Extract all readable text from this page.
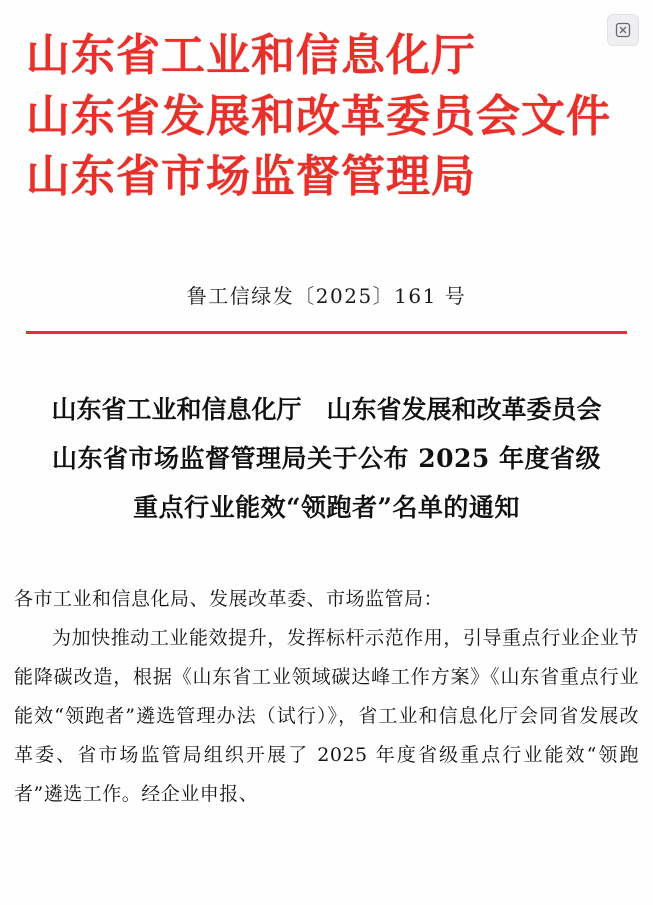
山东省工业和信息化厅
山东省发展和改革委员会文件
山东省市场监督管理局
鲁工信绿发〔2025〕161 号
山东省工业和信息化厅　山东省发展和改革委员会
山东省市场监督管理局关于公布 2025 年度省级
重点行业能效“领跑者”名单的通知
各市工业和信息化局、发展改革委、市场监管局：

为加快推动工业能效提升，发挥标杆示范作用，引导重点行业企业节能降碳改造，根据《山东省工业领域碳达峰工作方案》《山东省重点行业能效“领跑者”遴选管理办法（试行）》，省工业和信息化厅会同省发展改革委、省市场监管局组织开展了 2025 年度省级重点行业能效“领跑者”遴选工作。经企业申报、
